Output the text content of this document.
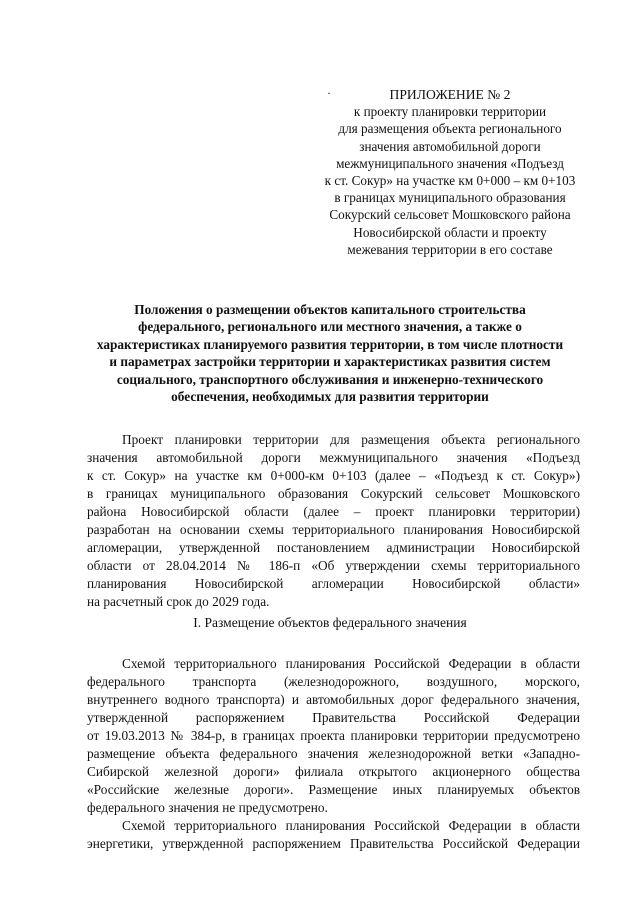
·	ПРИЛОЖЕНИЕ № 2
к проекту планировки территории
для размещения объекта регионального
значения автомобильной дороги
межмуниципального значения «Подъезд
к ст. Сокур» на участке км 0+000 – км 0+103
в границах муниципального образования
Сокурский сельсовет Мошковского района
Новосибирской области и проекту
межевания территории в его составе
Положения о размещении объектов капитального строительства
федерального, регионального или местного значения, а также о
характеристиках планируемого развития территории, в том числе плотности
и параметрах застройки территории и характеристиках развития систем
социального, транспортного обслуживания и инженерно-технического
обеспечения, необходимых для развития территории
Проект планировки территории для размещения объекта регионального
значения автомобильной дороги межмуниципального значения «Подъезд
к ст. Сокур» на участке км 0+000-км 0+103 (далее – «Подъезд к ст. Сокур»)
в границах муниципального образования Сокурский сельсовет Мошковского
района Новосибирской области (далее – проект планировки территории)
разработан на основании схемы территориального планирования Новосибирской
агломерации, утвержденной постановлением администрации Новосибирской
области от 28.04.2014 № 186-п «Об утверждении схемы территориального
планирования Новосибирской агломерации Новосибирской области»
на расчетный срок до 2029 года.
I. Размещение объектов федерального значения
Схемой территориального планирования Российской Федерации в области
федерального транспорта (железнодорожного, воздушного, морского,
внутреннего водного транспорта) и автомобильных дорог федерального значения,
утвержденной распоряжением Правительства Российской Федерации
от 19.03.2013 № 384-р, в границах проекта планировки территории предусмотрено
размещение объекта федерального значения железнодорожной ветки «Западно-
Сибирской железной дороги» филиала открытого акционерного общества
«Российские железные дороги». Размещение иных планируемых объектов
федерального значения не предусмотрено.
Схемой территориального планирования Российской Федерации в области
энергетики, утвержденной распоряжением Правительства Российской Федерации
